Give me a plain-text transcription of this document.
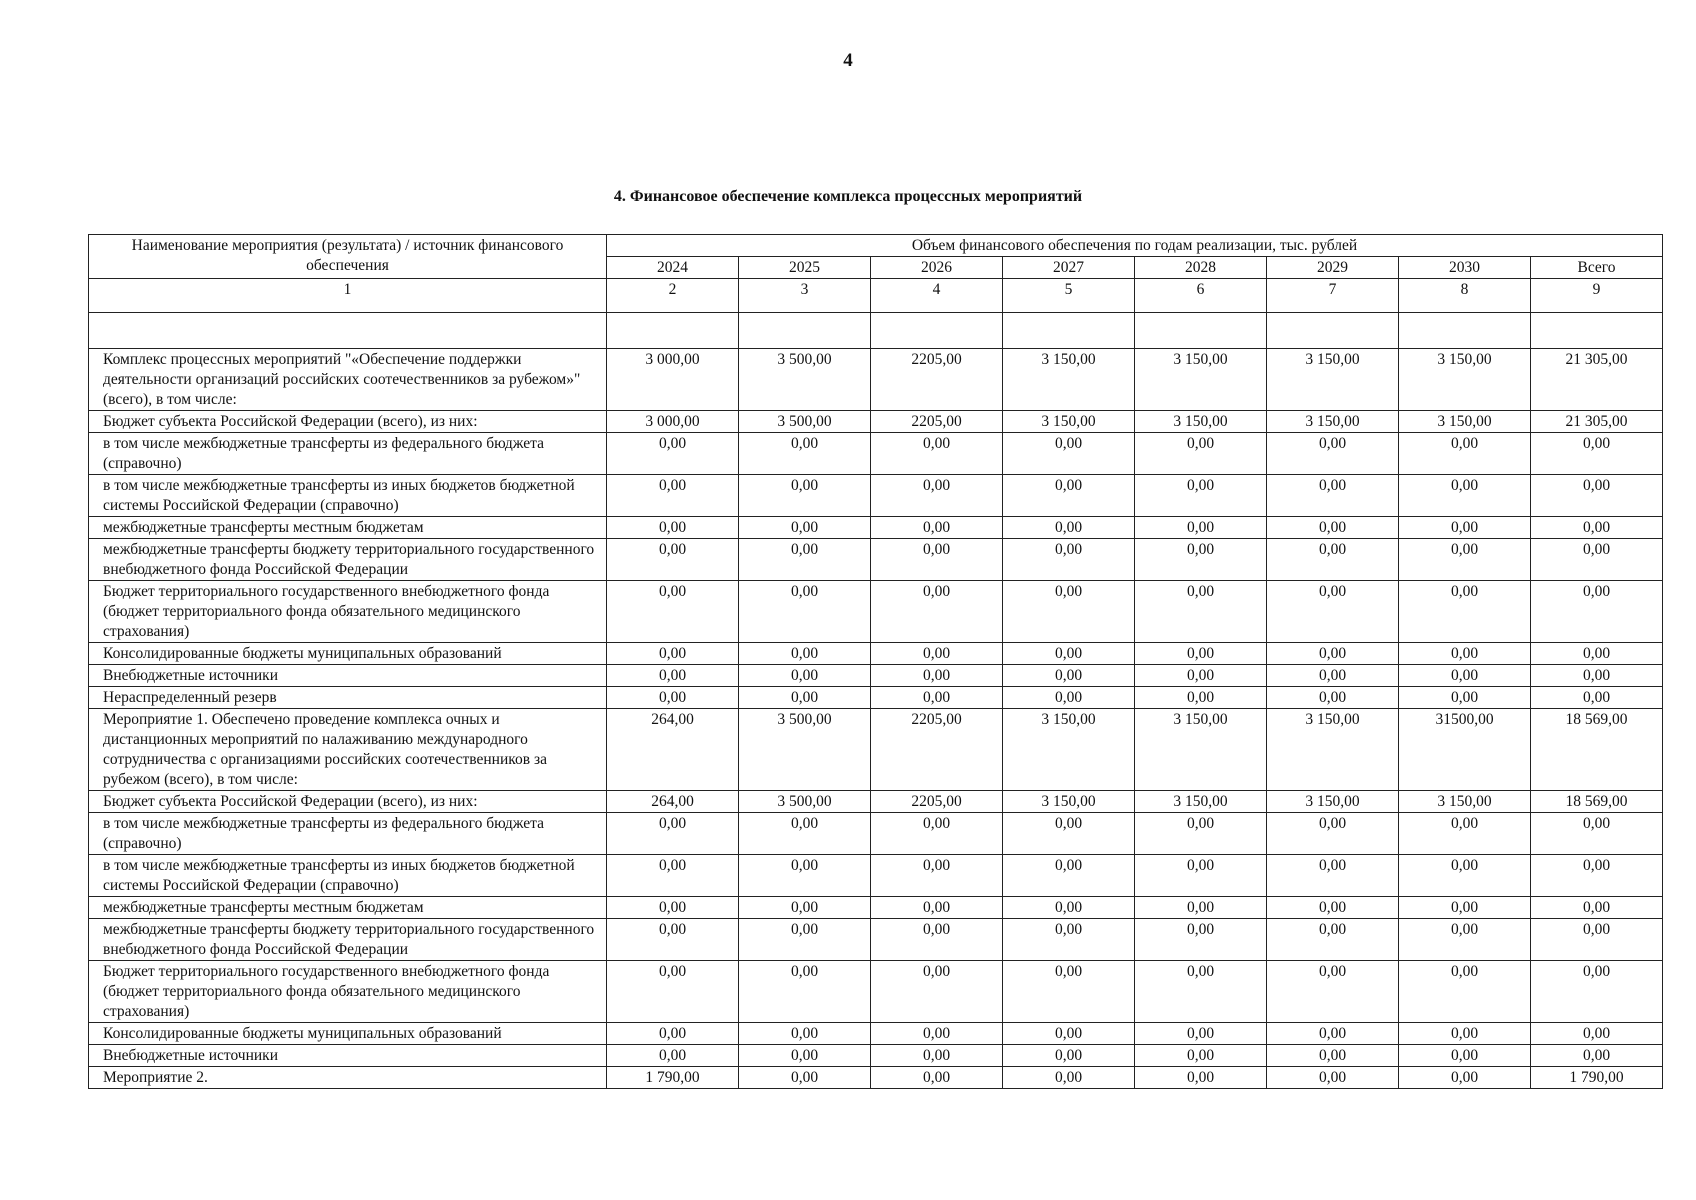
4
4. Финансовое обеспечение комплекса процессных мероприятий
Наименование мероприятия (результата) / источник финансового обеспечения	Объем финансового обеспечения по годам реализации, тыс. рублей							
	2024	2025	2026	2027	2028	2029	2030	Всего
1	2	3	4	5	6	7	8	9

Комплекс процессных мероприятий "«Обеспечение поддержки деятельности организаций российских соотечественников за рубежом»" (всего), в том числе:	3 000,00	3 500,00	2205,00	3 150,00	3 150,00	3 150,00	3 150,00	21 305,00
Бюджет субъекта Российской Федерации (всего), из них:	3 000,00	3 500,00	2205,00	3 150,00	3 150,00	3 150,00	3 150,00	21 305,00
в том числе межбюджетные трансферты из федерального бюджета (справочно)	0,00	0,00	0,00	0,00	0,00	0,00	0,00	0,00
в том числе межбюджетные трансферты из иных бюджетов бюджетной системы Российской Федерации (справочно)	0,00	0,00	0,00	0,00	0,00	0,00	0,00	0,00
межбюджетные трансферты местным бюджетам	0,00	0,00	0,00	0,00	0,00	0,00	0,00	0,00
межбюджетные трансферты бюджету территориального государственного внебюджетного фонда Российской Федерации	0,00	0,00	0,00	0,00	0,00	0,00	0,00	0,00
Бюджет территориального государственного внебюджетного фонда (бюджет территориального фонда обязательного медицинского страхования)	0,00	0,00	0,00	0,00	0,00	0,00	0,00	0,00
Консолидированные бюджеты муниципальных образований	0,00	0,00	0,00	0,00	0,00	0,00	0,00	0,00
Внебюджетные источники	0,00	0,00	0,00	0,00	0,00	0,00	0,00	0,00
Нераспределенный резерв	0,00	0,00	0,00	0,00	0,00	0,00	0,00	0,00
Мероприятие 1. Обеспечено проведение комплекса очных и дистанционных мероприятий по налаживанию международного сотрудничества с организациями российских соотечественников за рубежом (всего), в том числе:	264,00	3 500,00	2205,00	3 150,00	3 150,00	3 150,00	31500,00	18 569,00
Бюджет субъекта Российской Федерации (всего), из них:	264,00	3 500,00	2205,00	3 150,00	3 150,00	3 150,00	3 150,00	18 569,00
в том числе межбюджетные трансферты из федерального бюджета (справочно)	0,00	0,00	0,00	0,00	0,00	0,00	0,00	0,00
в том числе межбюджетные трансферты из иных бюджетов бюджетной системы Российской Федерации (справочно)	0,00	0,00	0,00	0,00	0,00	0,00	0,00	0,00
межбюджетные трансферты местным бюджетам	0,00	0,00	0,00	0,00	0,00	0,00	0,00	0,00
межбюджетные трансферты бюджету территориального государственного внебюджетного фонда Российской Федерации	0,00	0,00	0,00	0,00	0,00	0,00	0,00	0,00
Бюджет территориального государственного внебюджетного фонда (бюджет территориального фонда обязательного медицинского страхования)	0,00	0,00	0,00	0,00	0,00	0,00	0,00	0,00
Консолидированные бюджеты муниципальных образований	0,00	0,00	0,00	0,00	0,00	0,00	0,00	0,00
Внебюджетные источники	0,00	0,00	0,00	0,00	0,00	0,00	0,00	0,00
Мероприятие 2.	1 790,00	0,00	0,00	0,00	0,00	0,00	0,00	1 790,00
